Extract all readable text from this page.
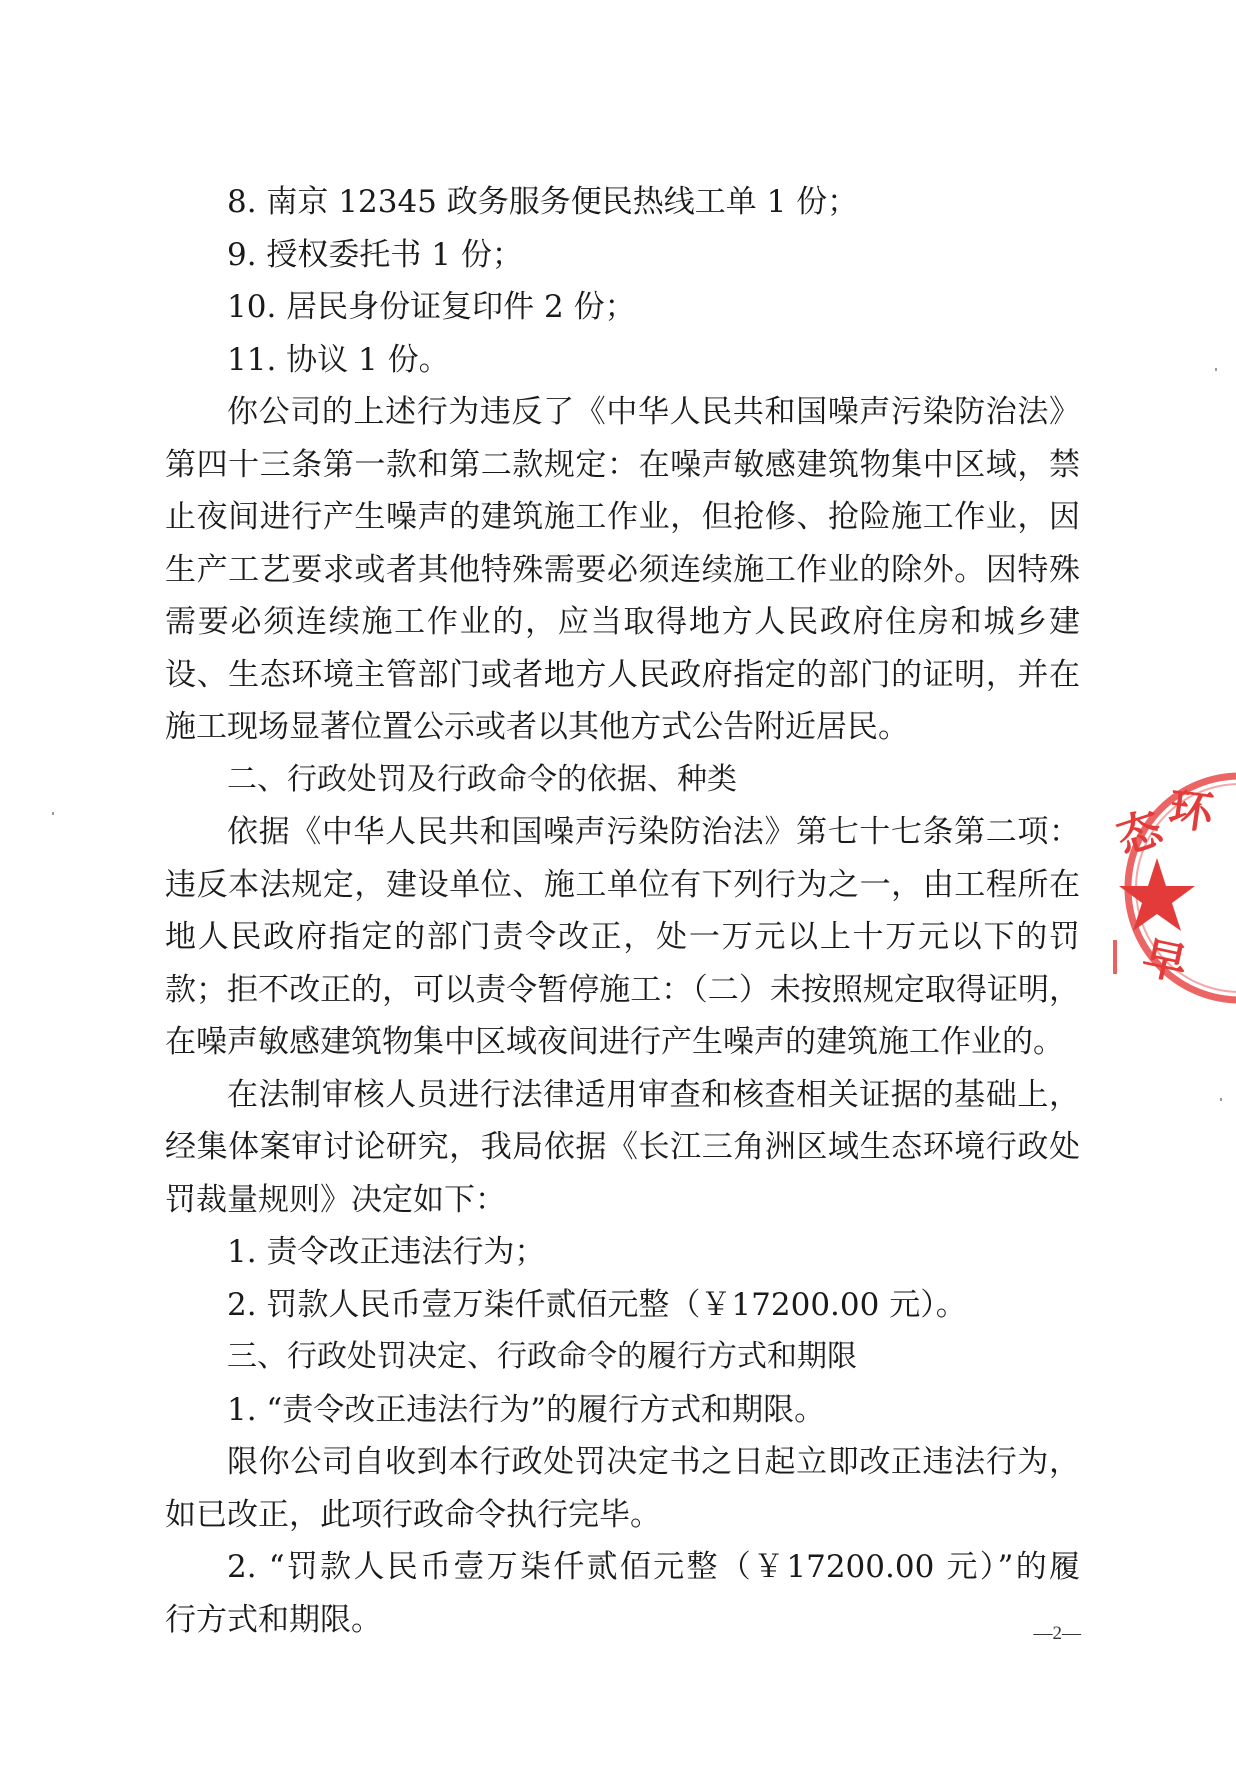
8. 南京 12345 政务服务便民热线工单 1 份；
9. 授权委托书 1 份；
10. 居民身份证复印件 2 份；
11. 协议 1 份。
你公司的上述行为违反了《中华人民共和国噪声污染防治法》
第四十三条第一款和第二款规定：在噪声敏感建筑物集中区域，禁
止夜间进行产生噪声的建筑施工作业，但抢修、抢险施工作业，因
生产工艺要求或者其他特殊需要必须连续施工作业的除外。因特殊
需要必须连续施工作业的，应当取得地方人民政府住房和城乡建
设、生态环境主管部门或者地方人民政府指定的部门的证明，并在
施工现场显著位置公示或者以其他方式公告附近居民。
二、行政处罚及行政命令的依据、种类
依据《中华人民共和国噪声污染防治法》第七十七条第二项：
违反本法规定，建设单位、施工单位有下列行为之一，由工程所在
地人民政府指定的部门责令改正，处一万元以上十万元以下的罚
款；拒不改正的，可以责令暂停施工：（二）未按照规定取得证明，
在噪声敏感建筑物集中区域夜间进行产生噪声的建筑施工作业的。
在法制审核人员进行法律适用审查和核查相关证据的基础上，
经集体案审讨论研究，我局依据《长江三角洲区域生态环境行政处
罚裁量规则》决定如下：
1. 责令改正违法行为；
2. 罚款人民币壹万柒仟贰佰元整（￥17200.00 元）。
三、行政处罚决定、行政命令的履行方式和期限
1. “责令改正违法行为”的履行方式和期限。
限你公司自收到本行政处罚决定书之日起立即改正违法行为，
如已改正，此项行政命令执行完毕。
2. “罚款人民币壹万柒仟贰佰元整（￥17200.00 元）”的履
行方式和期限。	—2—
态
环
早
